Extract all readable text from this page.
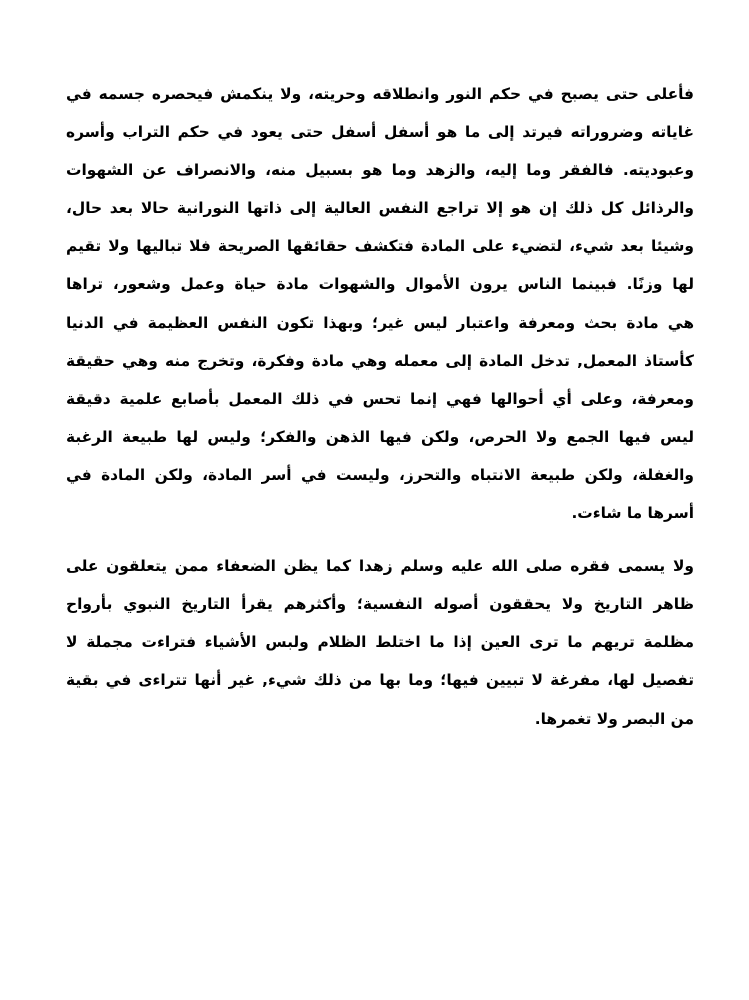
فأعلى حتى يصبح في حكم النور وانطلاقه وحريته، ولا ينكمش فيحصره جسمه في
غاياته وضروراته فيرتد إلى ما هو أسفل أسفل حتى يعود في حكم التراب وأسره
وعبوديته. فالفقر وما إليه، والزهد وما هو بسبيل منه، والانصراف عن الشهوات
والرذائل كل ذلك إن هو إلا تراجع النفس العالية إلى ذاتها النورانية حالا بعد حال،
وشيئا بعد شيء، لتضيء على المادة فتكشف حقائقها الصريحة فلا تباليها ولا تقيم
لها وزنًا. فبينما الناس يرون الأموال والشهوات مادة حياة وعمل وشعور، تراها
هي مادة بحث ومعرفة واعتبار ليس غير؛ وبهذا تكون النفس العظيمة في الدنيا
كأستاذ المعمل, تدخل المادة إلى معمله وهي مادة وفكرة، وتخرج منه وهي حقيقة
ومعرفة، وعلى أي أحوالها فهي إنما تحس في ذلك المعمل بأصابع علمية دقيقة
ليس فيها الجمع ولا الحرص، ولكن فيها الذهن والفكر؛ وليس لها طبيعة الرغبة
والغفلة، ولكن طبيعة الانتباه والتحرز، وليست في أسر المادة، ولكن المادة في
أسرها ما شاءت.
ولا يسمى فقره صلى الله عليه وسلم زهدا كما يظن الضعفاء ممن يتعلقون على
ظاهر التاريخ ولا يحققون أصوله النفسية؛ وأكثرهم يقرأ التاريخ النبوي بأرواح
مظلمة تريهم ما ترى العين إذا ما اختلط الظلام ولبس الأشياء فتراءت مجملة لا
تفصيل لها، مفرغة لا تبيين فيها؛ وما بها من ذلك شيء, غير أنها تتراءى في بقية
من البصر ولا تغمرها.
